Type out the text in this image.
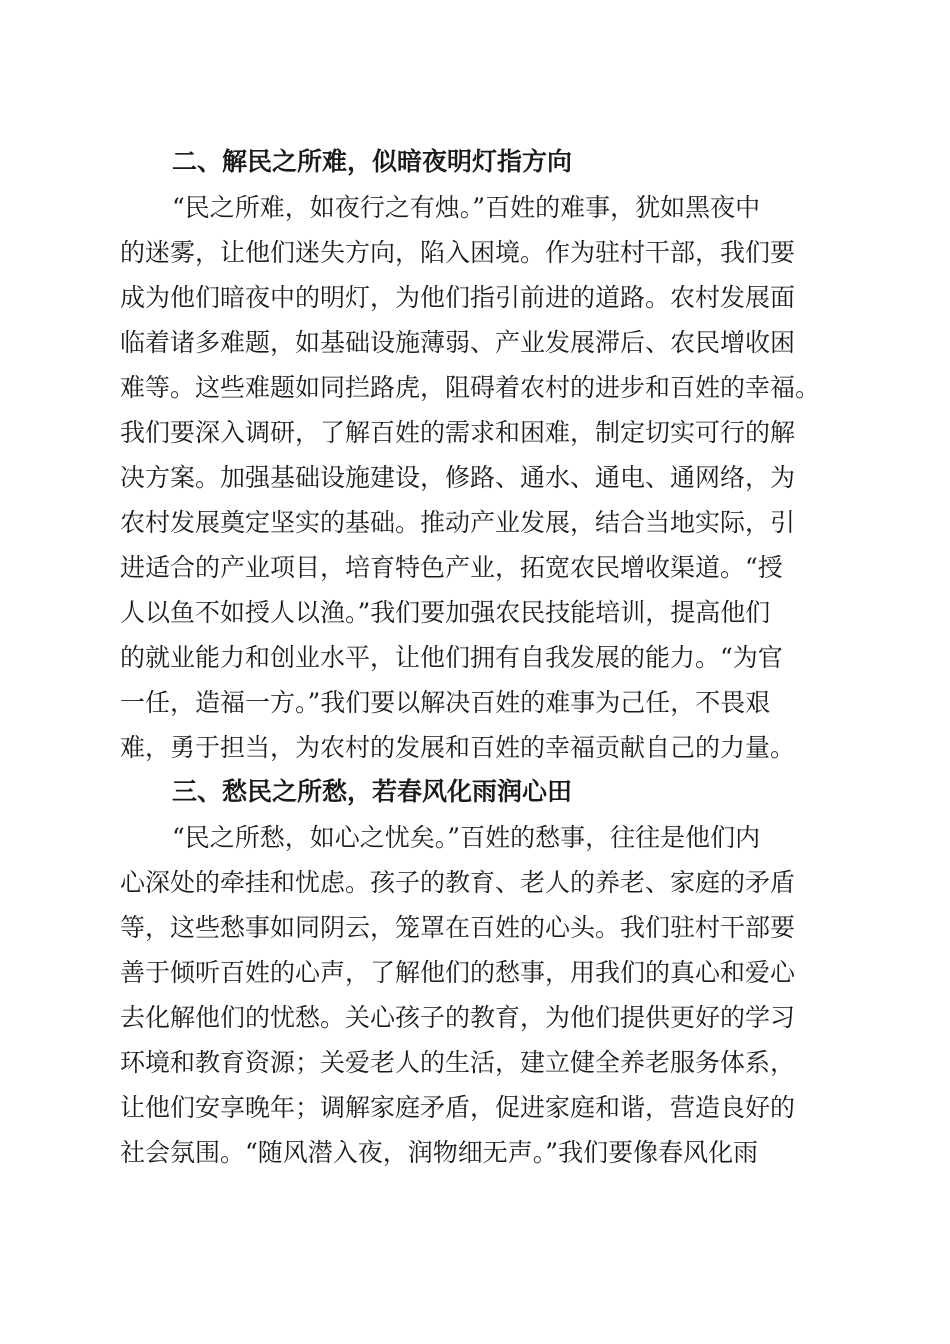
二、解民之所难，似暗夜明灯指方向
“民之所难，如夜行之有烛。”百姓的难事，犹如黑夜中
的迷雾，让他们迷失方向，陷入困境。作为驻村干部，我们要
成为他们暗夜中的明灯，为他们指引前进的道路。农村发展面
临着诸多难题，如基础设施薄弱、产业发展滞后、农民增收困
难等。这些难题如同拦路虎，阻碍着农村的进步和百姓的幸福。
我们要深入调研，了解百姓的需求和困难，制定切实可行的解
决方案。加强基础设施建设，修路、通水、通电、通网络，为
农村发展奠定坚实的基础。推动产业发展，结合当地实际，引
进适合的产业项目，培育特色产业，拓宽农民增收渠道。“授
人以鱼不如授人以渔。”我们要加强农民技能培训，提高他们
的就业能力和创业水平，让他们拥有自我发展的能力。“为官
一任，造福一方。”我们要以解决百姓的难事为己任，不畏艰
难，勇于担当，为农村的发展和百姓的幸福贡献自己的力量。
三、愁民之所愁，若春风化雨润心田
“民之所愁，如心之忧矣。”百姓的愁事，往往是他们内
心深处的牵挂和忧虑。孩子的教育、老人的养老、家庭的矛盾
等，这些愁事如同阴云，笼罩在百姓的心头。我们驻村干部要
善于倾听百姓的心声，了解他们的愁事，用我们的真心和爱心
去化解他们的忧愁。关心孩子的教育，为他们提供更好的学习
环境和教育资源；关爱老人的生活，建立健全养老服务体系，
让他们安享晚年；调解家庭矛盾，促进家庭和谐，营造良好的
社会氛围。“随风潜入夜，润物细无声。”我们要像春风化雨
